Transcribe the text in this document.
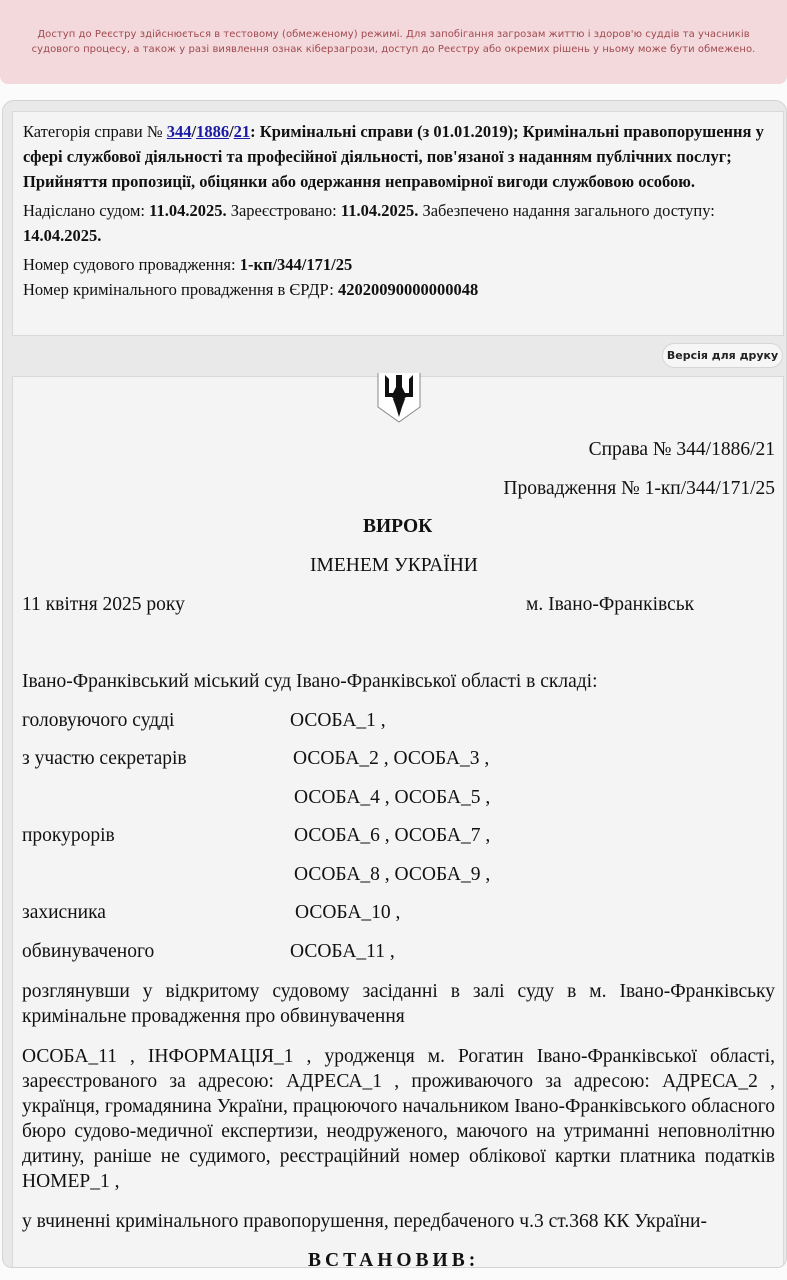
Доступ до Реєстру здійснюється в тестовому (обмеженому) режимі. Для запобігання загрозам життю і здоров'ю суддів та учасників судового процесу, а також у разі виявлення ознак кіберзагрози, доступ до Реєстру або окремих рішень у ньому може бути обмежено.

Категорія справи № 344/1886/21: Кримінальні справи (з 01.01.2019); Кримінальні правопорушення у сфері службової діяльності та професійної діяльності, пов'язаної з наданням публічних послуг; Прийняття пропозиції, обіцянки або одержання неправомірної вигоди службовою особою.

Надіслано судом: 11.04.2025. Зареєстровано: 11.04.2025. Забезпечено надання загального доступу: 14.04.2025.

Номер судового провадження: 1-кп/344/171/25

Номер кримінального провадження в ЄРДР: 42020090000000048

Версія для друку
Справа № 344/1886/21
Провадження № 1-кп/344/171/25
ВИРОК
ІМЕНЕМ УКРАЇНИ
11 квітня 2025 року	м. Івано-Франківськ
Івано-Франківський міський суд Івано-Франківської області в складі:
головуючого судді	ОСОБА_1 ,
з участю секретарів	ОСОБА_2 , ОСОБА_3 ,
ОСОБА_4 , ОСОБА_5 ,
прокурорів	ОСОБА_6 , ОСОБА_7 ,
ОСОБА_8 , ОСОБА_9 ,
захисника	ОСОБА_10 ,
обвинуваченого	ОСОБА_11 ,
розглянувши у відкритому судовому засіданні в залі суду в м. Івано-Франківську кримінальне провадження про обвинувачення
ОСОБА_11 , ІНФОРМАЦІЯ_1 , уродженця м. Рогатин Івано-Франківської області, зареєстрованого за адресою: АДРЕСА_1 , проживаючого за адресою: АДРЕСА_2 , українця, громадянина України, працюючого начальником Івано-Франківського обласного бюро судово-медичної експертизи, неодруженого, маючого на утриманні неповнолітню дитину, раніше не судимого, реєстраційний номер облікової картки платника податків НОМЕР_1 ,
у вчиненні кримінального правопорушення, передбаченого ч.3 ст.368 КК України-
ВСТАНОВИВ:
